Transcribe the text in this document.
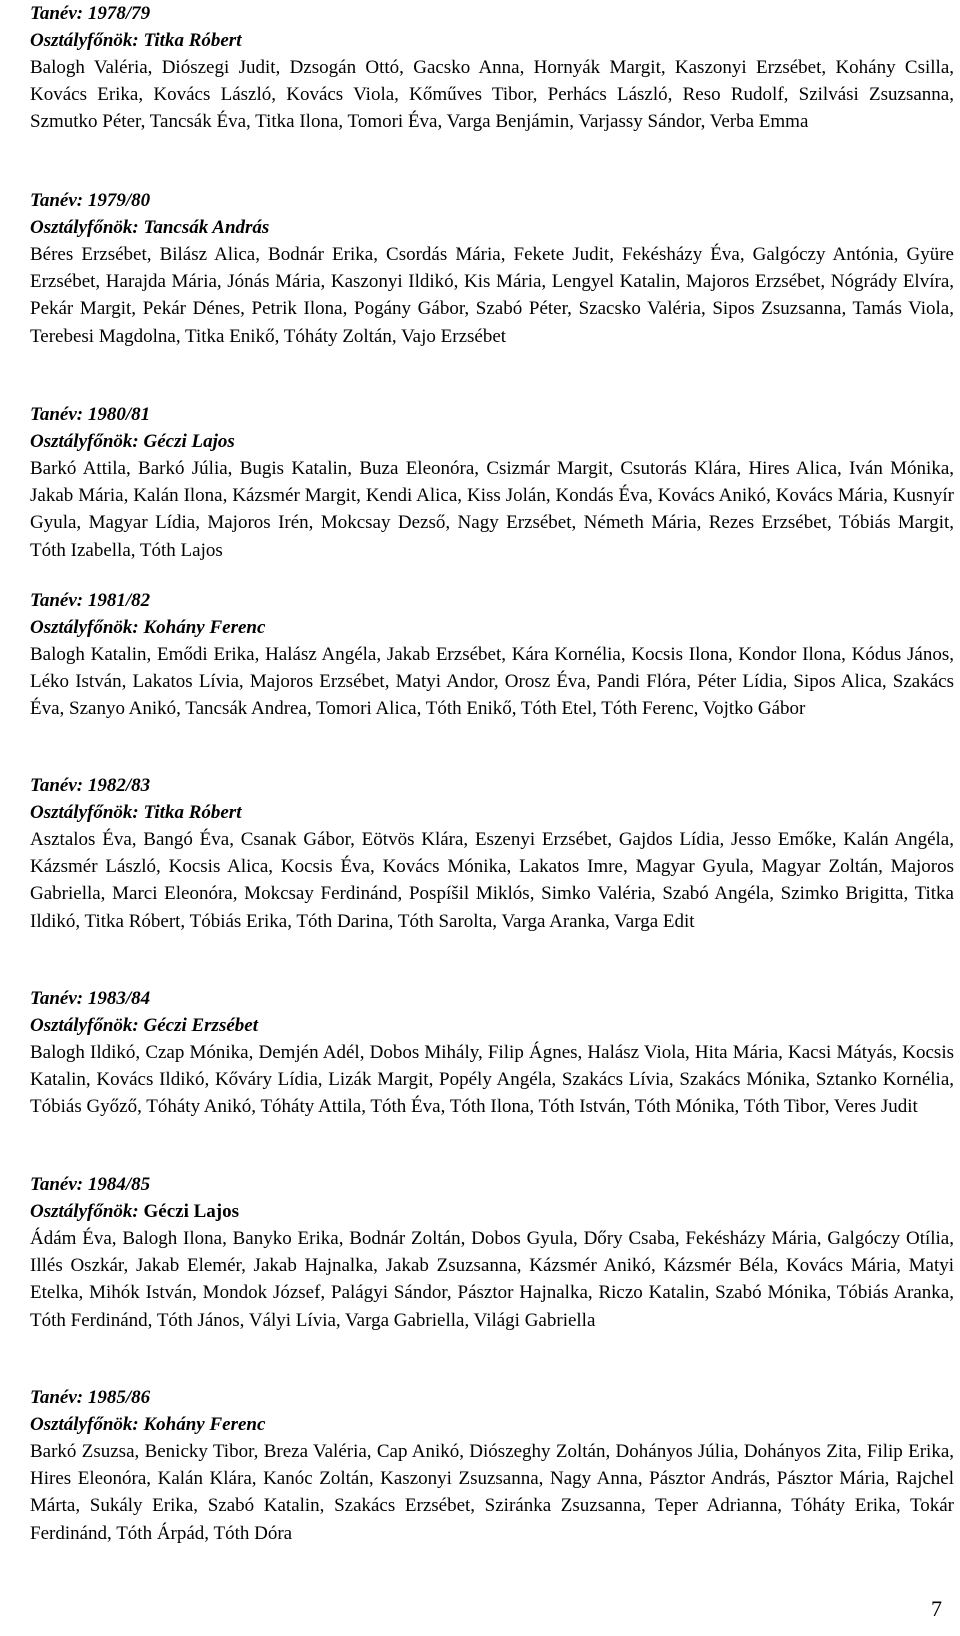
Tanév: 1978/79
Osztályfőnök: Titka Róbert
Balogh Valéria, Diószegi Judit, Dzsogán Ottó, Gacsko Anna, Hornyák Margit, Kaszonyi Erzsébet, Kohány Csilla, Kovács Erika, Kovács László, Kovács Viola, Kőműves Tibor, Perhács László, Reso Rudolf, Szilvási Zsuzsanna, Szmutko Péter, Tancsák Éva, Titka Ilona, Tomori Éva, Varga Benjámin, Varjassy Sándor, Verba Emma
Tanév: 1979/80
Osztályfőnök: Tancsák András
Béres Erzsébet, Bilász Alica, Bodnár Erika, Csordás Mária, Fekete Judit, Fekésházy Éva, Galgóczy Antónia, Gyüre Erzsébet, Harajda Mária, Jónás Mária, Kaszonyi Ildikó, Kis Mária, Lengyel Katalin, Majoros Erzsébet, Nógrády Elvíra, Pekár Margit, Pekár Dénes, Petrik Ilona, Pogány Gábor, Szabó Péter, Szacsko Valéria, Sipos Zsuzsanna, Tamás Viola, Terebesi Magdolna, Titka Enikő, Tóháty Zoltán, Vajo Erzsébet
Tanév: 1980/81
Osztályfőnök: Géczi Lajos
Barkó Attila, Barkó Júlia, Bugis Katalin, Buza Eleonóra, Csizmár Margit, Csutorás Klára, Hires Alica, Iván Mónika, Jakab Mária, Kalán Ilona, Kázsmér Margit, Kendi Alica, Kiss Jolán, Kondás Éva, Kovács Anikó, Kovács Mária, Kusnyír Gyula, Magyar Lídia, Majoros Irén, Mokcsay Dezső, Nagy Erzsébet, Németh Mária, Rezes Erzsébet, Tóbiás Margit, Tóth Izabella, Tóth Lajos
Tanév: 1981/82
Osztályfőnök: Kohány Ferenc
Balogh Katalin, Emődi Erika, Halász Angéla, Jakab Erzsébet, Kára Kornélia, Kocsis Ilona, Kondor Ilona, Kódus János, Léko István, Lakatos Lívia, Majoros Erzsébet, Matyi Andor, Orosz Éva, Pandi Flóra, Péter Lídia, Sipos Alica, Szakács Éva, Szanyo Anikó, Tancsák Andrea, Tomori Alica, Tóth Enikő, Tóth Etel, Tóth Ferenc, Vojtko Gábor
Tanév: 1982/83
Osztályfőnök: Titka Róbert
Asztalos Éva, Bangó Éva, Csanak Gábor, Eötvös Klára, Eszenyi Erzsébet, Gajdos Lídia, Jesso Emőke, Kalán Angéla, Kázsmér László, Kocsis Alica, Kocsis Éva, Kovács Mónika, Lakatos Imre, Magyar Gyula, Magyar Zoltán, Majoros Gabriella, Marci Eleonóra, Mokcsay Ferdinánd, Pospíšil Miklós, Simko Valéria, Szabó Angéla, Szimko Brigitta, Titka Ildikó, Titka Róbert, Tóbiás Erika, Tóth Darina, Tóth Sarolta, Varga Aranka, Varga Edit
Tanév: 1983/84
Osztályfőnök: Géczi Erzsébet
Balogh Ildikó, Czap Mónika, Demjén Adél, Dobos Mihály, Filip Ágnes, Halász Viola, Hita Mária, Kacsi Mátyás, Kocsis Katalin, Kovács Ildikó, Kőváry Lídia, Lizák Margit, Popély Angéla, Szakács Lívia, Szakács Mónika, Sztanko Kornélia, Tóbiás Győző, Tóháty Anikó, Tóháty Attila, Tóth Éva, Tóth Ilona, Tóth István, Tóth Mónika, Tóth Tibor, Veres Judit
Tanév: 1984/85
Osztályfőnök: Géczi Lajos
Ádám Éva, Balogh Ilona, Banyko Erika, Bodnár Zoltán, Dobos Gyula, Dőry Csaba, Fekésházy Mária, Galgóczy Otília, Illés Oszkár, Jakab Elemér, Jakab Hajnalka, Jakab Zsuzsanna, Kázsmér Anikó, Kázsmér Béla, Kovács Mária, Matyi Etelka, Mihók István, Mondok József, Palágyi Sándor, Pásztor Hajnalka, Riczo Katalin, Szabó Mónika, Tóbiás Aranka, Tóth Ferdinánd, Tóth János, Vályi Lívia, Varga Gabriella, Világi Gabriella
Tanév: 1985/86
Osztályfőnök: Kohány Ferenc
Barkó Zsuzsa, Benicky Tibor, Breza Valéria, Cap Anikó, Diószeghy Zoltán, Dohányos Júlia, Dohányos Zita, Filip Erika, Hires Eleonóra, Kalán Klára, Kanóc Zoltán, Kaszonyi Zsuzsanna, Nagy Anna, Pásztor András, Pásztor Mária, Rajchel Márta, Sukály Erika, Szabó Katalin, Szakács Erzsébet, Sziránka Zsuzsanna, Teper Adrianna, Tóháty Erika, Tokár Ferdinánd, Tóth Árpád, Tóth Dóra
7
